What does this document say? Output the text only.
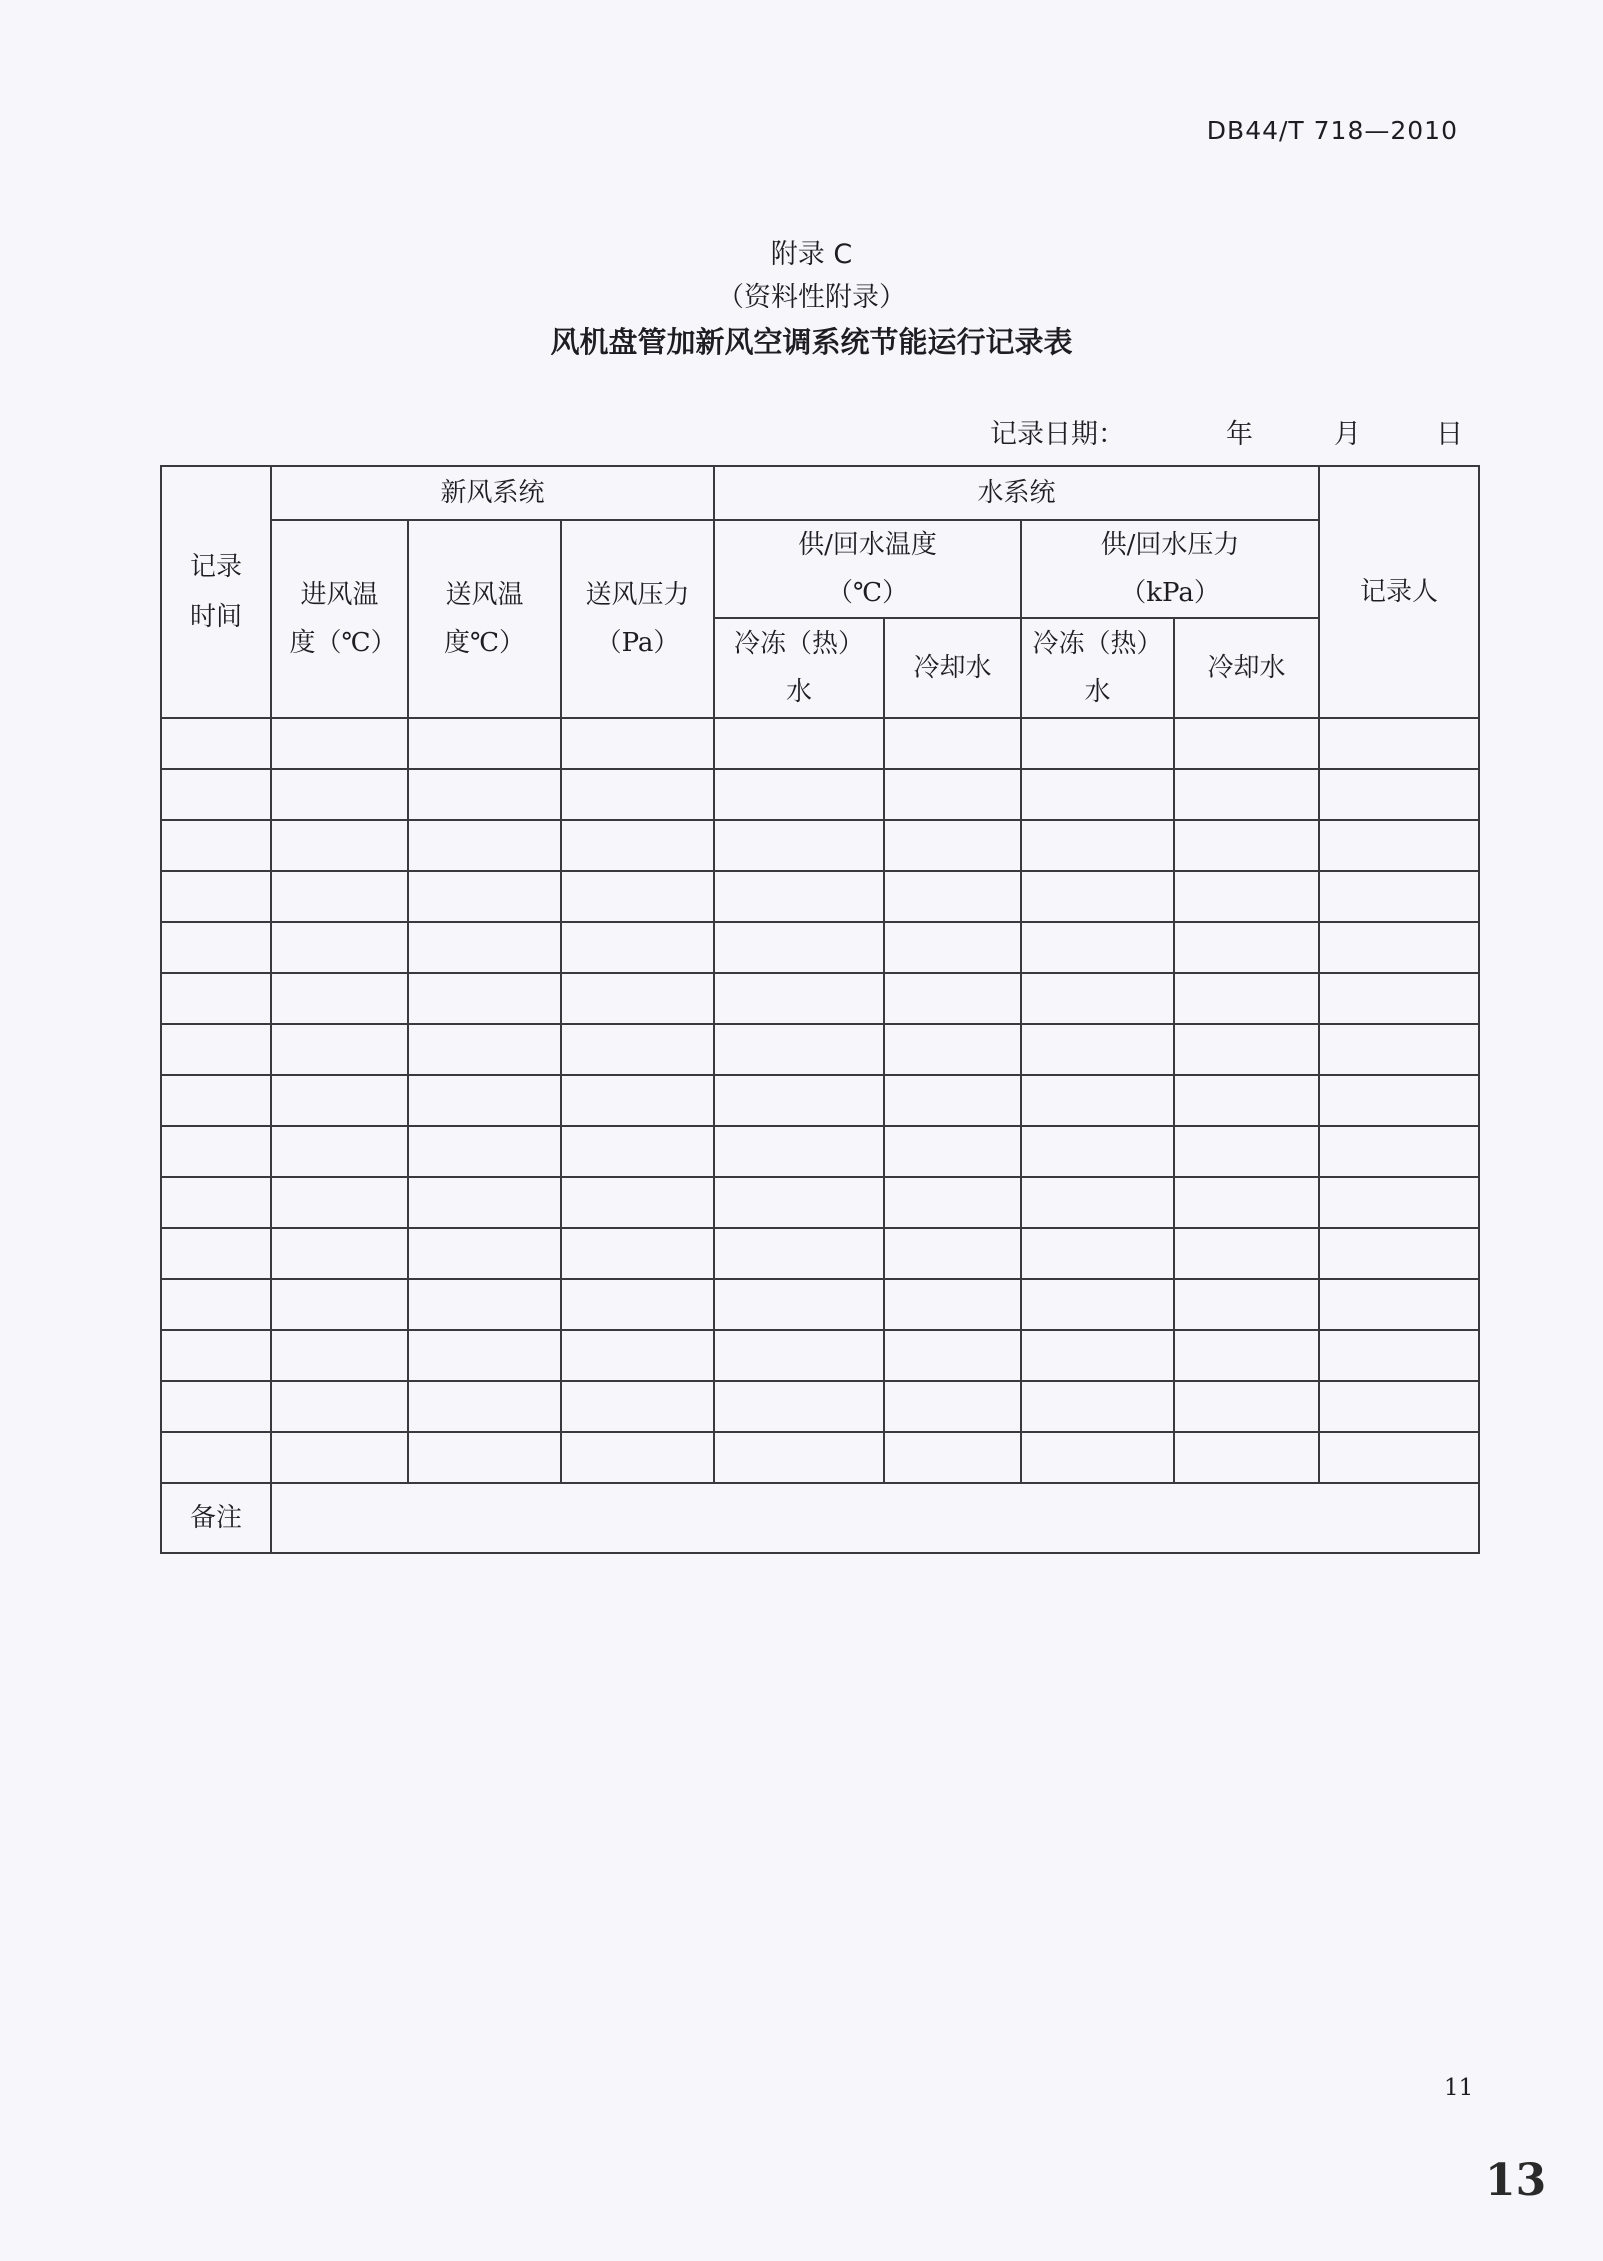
DB44/T 718—2010
附录 C
（资料性附录）
风机盘管加新风空调系统节能运行记录表
记录日期：	年	月	日
记录时间	新风系统			水系统				记录人
	进风温度（℃）	送风温度℃）	送风压力（Pa）	供/回水温度（℃）		供/回水压力（kPa）		
				冷冻（热）水	冷却水	冷冻（热）水	冷却水	

备注								
11
13
